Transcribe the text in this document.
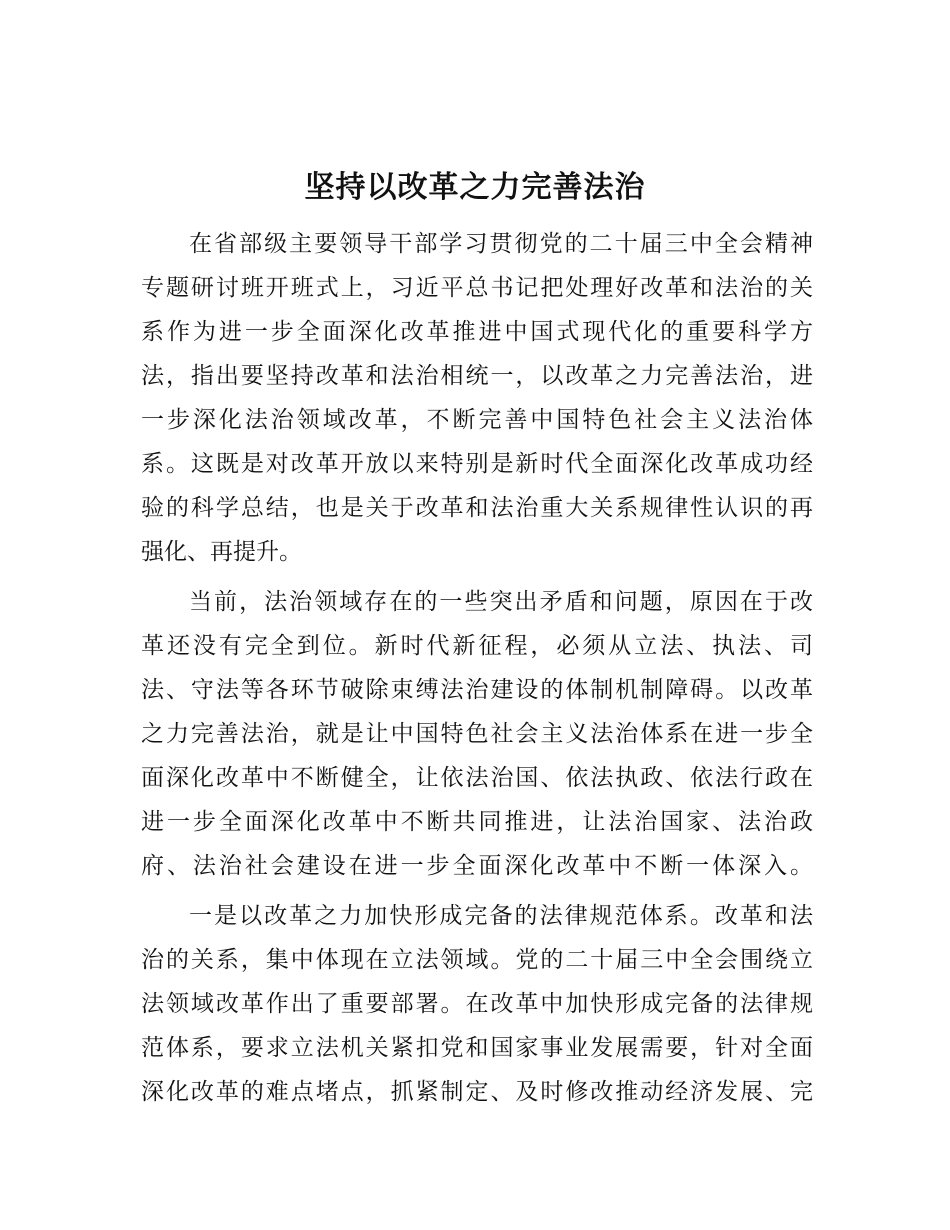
坚持以改革之力完善法治
在省部级主要领导干部学习贯彻党的二十届三中全会精神
专题研讨班开班式上，习近平总书记把处理好改革和法治的关
系作为进一步全面深化改革推进中国式现代化的重要科学方
法，指出要坚持改革和法治相统一，以改革之力完善法治，进
一步深化法治领域改革，不断完善中国特色社会主义法治体
系。这既是对改革开放以来特别是新时代全面深化改革成功经
验的科学总结，也是关于改革和法治重大关系规律性认识的再
强化、再提升。
当前，法治领域存在的一些突出矛盾和问题，原因在于改
革还没有完全到位。新时代新征程，必须从立法、执法、司
法、守法等各环节破除束缚法治建设的体制机制障碍。以改革
之力完善法治，就是让中国特色社会主义法治体系在进一步全
面深化改革中不断健全，让依法治国、依法执政、依法行政在
进一步全面深化改革中不断共同推进，让法治国家、法治政
府、法治社会建设在进一步全面深化改革中不断一体深入。
一是以改革之力加快形成完备的法律规范体系。改革和法
治的关系，集中体现在立法领域。党的二十届三中全会围绕立
法领域改革作出了重要部署。在改革中加快形成完备的法律规
范体系，要求立法机关紧扣党和国家事业发展需要，针对全面
深化改革的难点堵点，抓紧制定、及时修改推动经济发展、完
